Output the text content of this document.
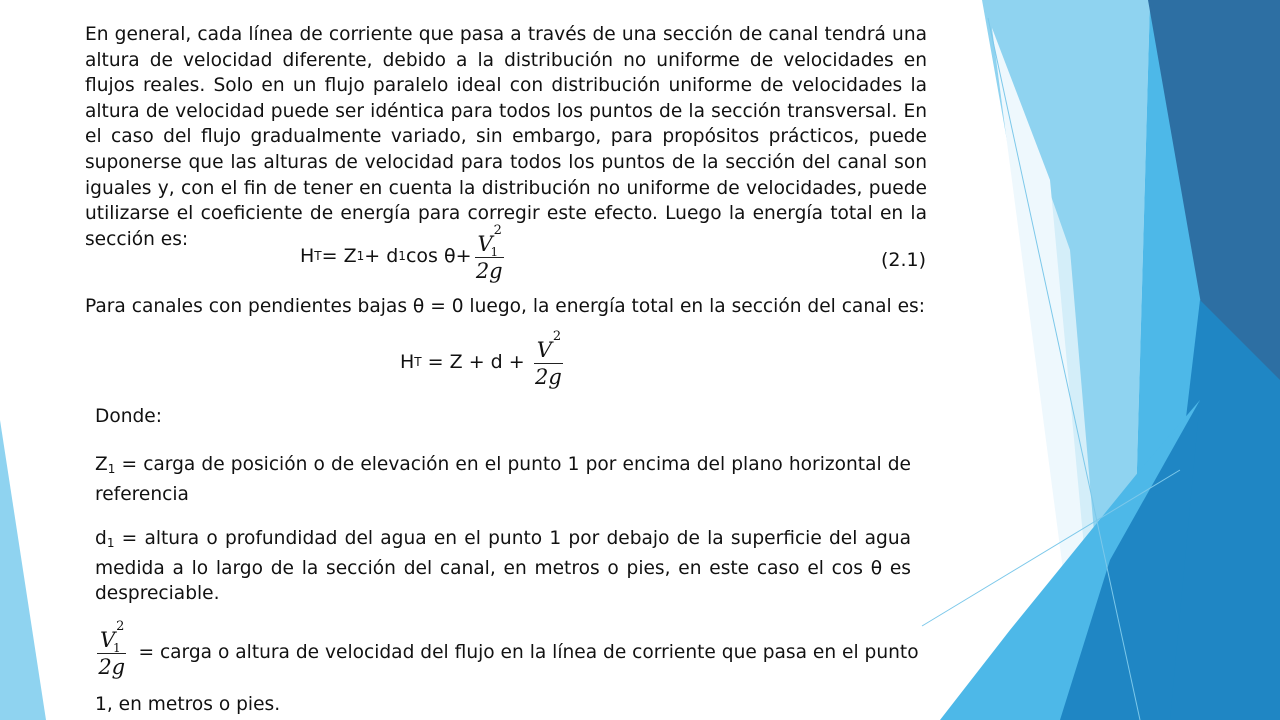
En general, cada línea de corriente que pasa a través de una sección de canal tendrá una altura de velocidad diferente, debido a la distribución no uniforme de velocidades en flujos reales. Solo en un flujo paralelo ideal con distribución uniforme de velocidades la altura de velocidad puede ser idéntica para todos los puntos de la sección transversal. En el caso del flujo gradualmente variado, sin embargo, para propósitos prácticos, puede suponerse que las alturas de velocidad para todos los puntos de la sección del canal son iguales y, con el fin de tener en cuenta la distribución no uniforme de velocidades, puede utilizarse el coeficiente de energía para corregir este efecto. Luego la energía total en la sección es:

H T = Z 1 + d 1 $\cos \theta+ V^2$
1
2g	(2.1)

Para canales con pendientes bajas θ = 0 luego, la energía total en la sección del canal es:

H $T = Z + d + \frac{V^2}{2g}$

Donde:

$Z_1$ = carga de posición o de elevación en el punto 1 por encima del plano horizontal de referencia

$d_1$ = altura o profundidad del agua en el punto 1 por debajo de la superficie del agua medida a lo largo de la sección del canal, en metros o pies, en este caso el cos θ es despreciable.

$V^2$
1
2g = carga o altura de velocidad del flujo en la línea de corriente que pasa en el punto

1, en metros o pies.
